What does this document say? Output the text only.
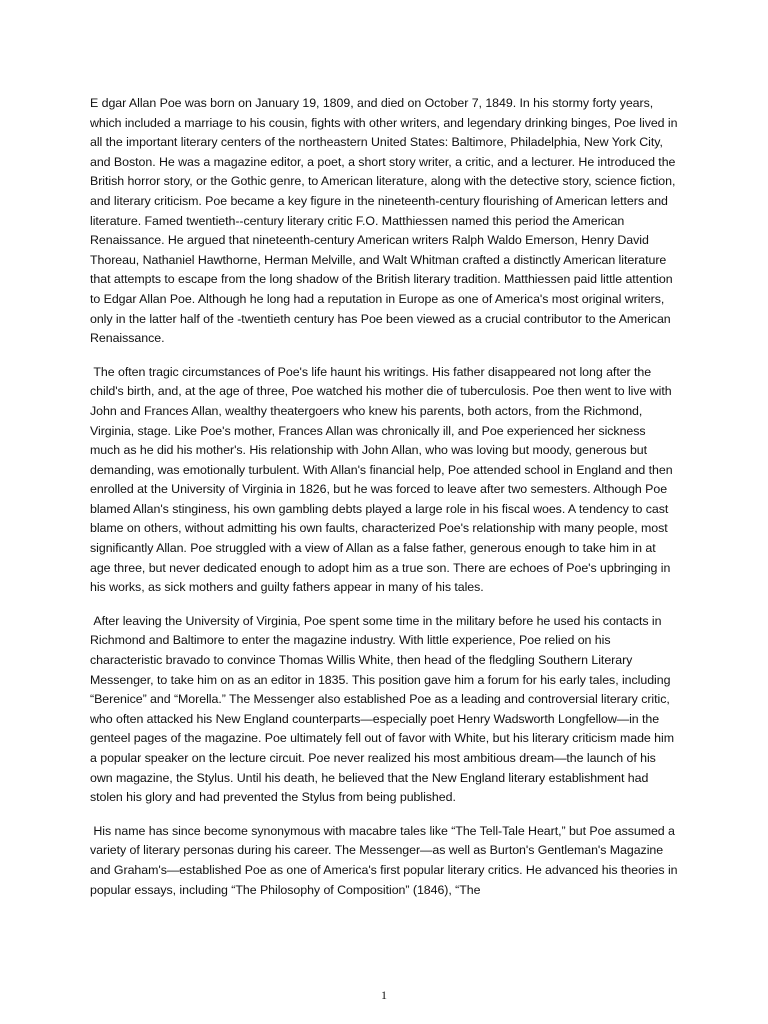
E dgar Allan Poe was born on January 19, 1809, and died on October 7, 1849. In his stormy forty years, which included a marriage to his cousin, fights with other writers, and legendary drinking binges, Poe lived in all the important literary centers of the northeastern United States: Baltimore, Philadelphia, New York City, and Boston. He was a magazine editor, a poet, a short story writer, a critic, and a lecturer. He introduced the British horror story, or the Gothic genre, to American literature, along with the detective story, science fiction, and literary criticism. Poe became a key figure in the nineteenth-century flourishing of American letters and literature. Famed twentieth--century literary critic F.O. Matthiessen named this period the American Renaissance. He argued that nineteenth-century American writers Ralph Waldo Emerson, Henry David Thoreau, Nathaniel Hawthorne, Herman Melville, and Walt Whitman crafted a distinctly American literature that attempts to escape from the long shadow of the British literary tradition. Matthiessen paid little attention to Edgar Allan Poe. Although he long had a reputation in Europe as one of America's most original writers, only in the latter half of the -twentieth century has Poe been viewed as a crucial contributor to the American Renaissance.

The often tragic circumstances of Poe's life haunt his writings. His father disappeared not long after the child's birth, and, at the age of three, Poe watched his mother die of tuberculosis. Poe then went to live with John and Frances Allan, wealthy theatergoers who knew his parents, both actors, from the Richmond, Virginia, stage. Like Poe's mother, Frances Allan was chronically ill, and Poe experienced her sickness much as he did his mother's. His relationship with John Allan, who was loving but moody, generous but demanding, was emotionally turbulent. With Allan's financial help, Poe attended school in England and then enrolled at the University of Virginia in 1826, but he was forced to leave after two semesters. Although Poe blamed Allan's stinginess, his own gambling debts played a large role in his fiscal woes. A tendency to cast blame on others, without admitting his own faults, characterized Poe's relationship with many people, most significantly Allan. Poe struggled with a view of Allan as a false father, generous enough to take him in at age three, but never dedicated enough to adopt him as a true son. There are echoes of Poe's upbringing in his works, as sick mothers and guilty fathers appear in many of his tales.

After leaving the University of Virginia, Poe spent some time in the military before he used his contacts in Richmond and Baltimore to enter the magazine industry. With little experience, Poe relied on his characteristic bravado to convince Thomas Willis White, then head of the fledgling Southern Literary Messenger, to take him on as an editor in 1835. This position gave him a forum for his early tales, including “Berenice” and “Morella.” The Messenger also established Poe as a leading and controversial literary critic, who often attacked his New England counterparts—especially poet Henry Wadsworth Longfellow—in the genteel pages of the magazine. Poe ultimately fell out of favor with White, but his literary criticism made him a popular speaker on the lecture circuit. Poe never realized his most ambitious dream—the launch of his own magazine, the Stylus. Until his death, he believed that the New England literary establishment had stolen his glory and had prevented the Stylus from being published.

His name has since become synonymous with macabre tales like “The Tell-Tale Heart,” but Poe assumed a variety of literary personas during his career. The Messenger—as well as Burton's Gentleman's Magazine and Graham's—established Poe as one of America's first popular literary critics. He advanced his theories in popular essays, including “The Philosophy of Composition” (1846), “The

1
